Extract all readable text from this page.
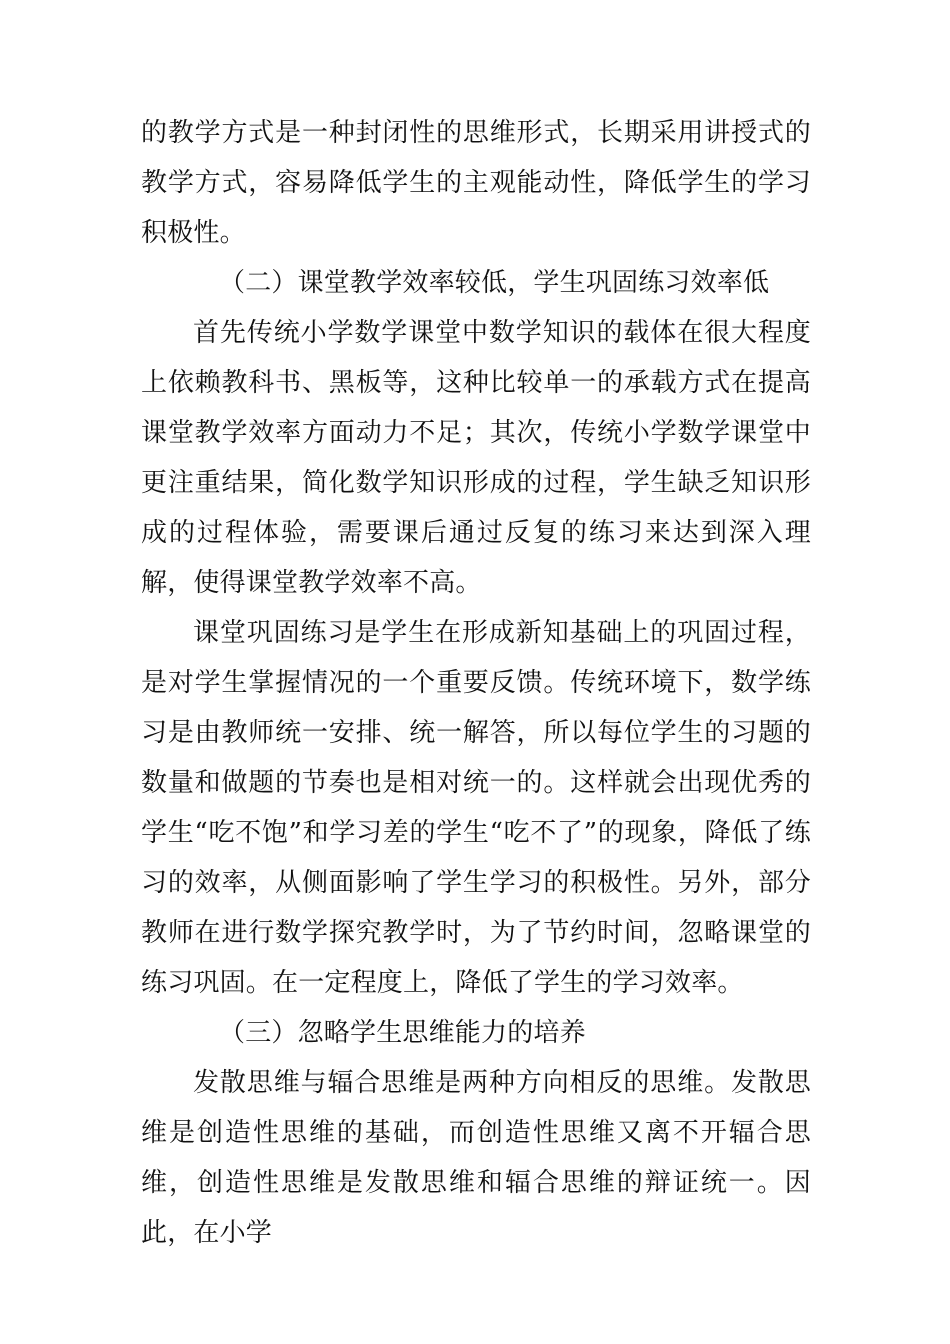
的教学方式是一种封闭性的思维形式，长期采用讲授式的教学方式，容易降低学生的主观能动性，降低学生的学习积极性。

（二）课堂教学效率较低，学生巩固练习效率低

首先传统小学数学课堂中数学知识的载体在很大程度上依赖教科书、黑板等，这种比较单一的承载方式在提高课堂教学效率方面动力不足；其次，传统小学数学课堂中更注重结果，简化数学知识形成的过程，学生缺乏知识形成的过程体验，需要课后通过反复的练习来达到深入理解，使得课堂教学效率不高。

课堂巩固练习是学生在形成新知基础上的巩固过程，是对学生掌握情况的一个重要反馈。传统环境下，数学练习是由教师统一安排、统一解答，所以每位学生的习题的数量和做题的节奏也是相对统一的。这样就会出现优秀的学生“吃不饱”和学习差的学生“吃不了”的现象，降低了练习的效率，从侧面影响了学生学习的积极性。另外，部分教师在进行数学探究教学时，为了节约时间，忽略课堂的练习巩固。在一定程度上，降低了学生的学习效率。

（三）忽略学生思维能力的培养

发散思维与辐合思维是两种方向相反的思维。发散思维是创造性思维的基础，而创造性思维又离不开辐合思维，创造性思维是发散思维和辐合思维的辩证统一。因此，在小学
